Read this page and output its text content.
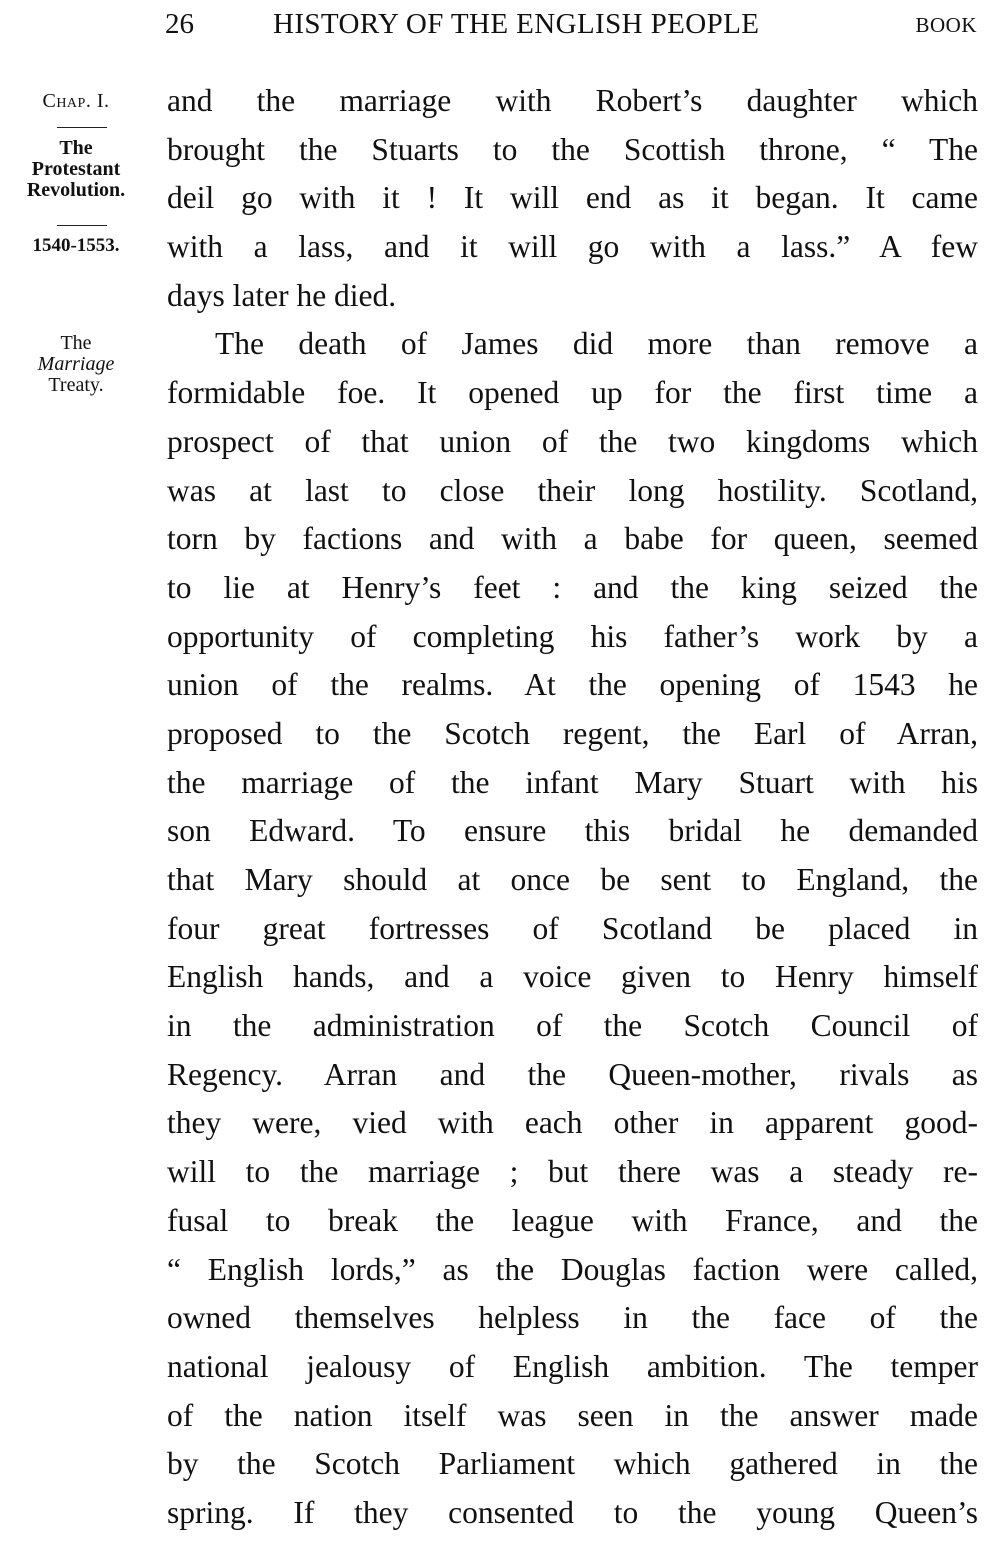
26	HISTORY OF THE ENGLISH PEOPLE	BOOK
Chap. I.
The
Protestant
Revolution.
1540-1553.
The
Marriage
Treaty.
and the marriage with Robert’s daughter which
brought the Stuarts to the Scottish throne, “ The
deil go with it ! It will end as it began. It came
with a lass, and it will go with a lass.” A few
days later he died.
The death of James did more than remove a
formidable foe. It opened up for the first time a
prospect of that union of the two kingdoms which
was at last to close their long hostility. Scotland,
torn by factions and with a babe for queen, seemed
to lie at Henry’s feet : and the king seized the
opportunity of completing his father’s work by a
union of the realms. At the opening of 1543 he
proposed to the Scotch regent, the Earl of Arran,
the marriage of the infant Mary Stuart with his
son Edward. To ensure this bridal he demanded
that Mary should at once be sent to England, the
four great fortresses of Scotland be placed in
English hands, and a voice given to Henry himself
in the administration of the Scotch Council of
Regency. Arran and the Queen-mother, rivals as
they were, vied with each other in apparent good-
will to the marriage ; but there was a steady re-
fusal to break the league with France, and the
“ English lords,” as the Douglas faction were called,
owned themselves helpless in the face of the
national jealousy of English ambition. The temper
of the nation itself was seen in the answer made
by the Scotch Parliament which gathered in the
spring. If they consented to the young Queen’s
